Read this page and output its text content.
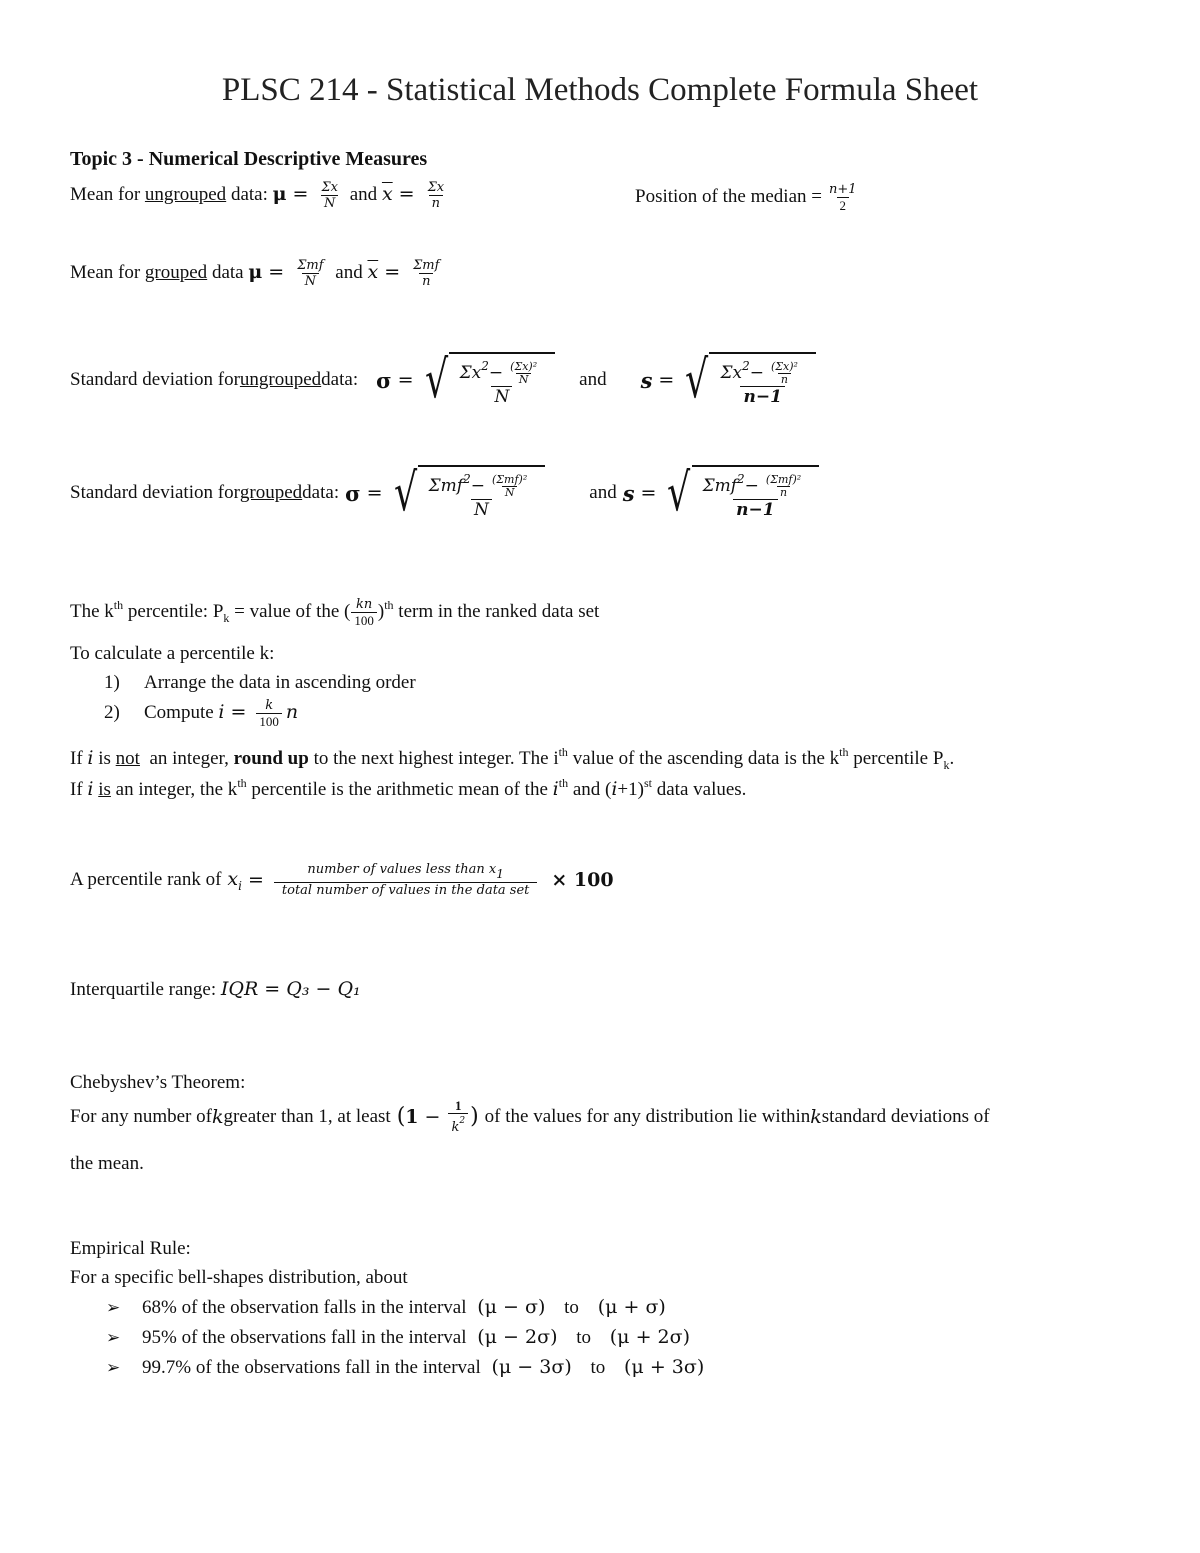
PLSC 214 - Statistical Methods Complete Formula Sheet
Topic 3 - Numerical Descriptive Measures
Mean for ungrouped data: $\mu = \frac{\Sigma x}{N}$ and $\overline{x} = \frac{\Sigma x}{n}$	Position of the median = $\frac{n+1}{2}$
Mean for grouped data $\mu = \frac{\text{Σmf}}{N}$ and $\overline{x} = \frac{\text{Σmf}}{n}$
Standard deviation for ungrouped data: σ = √ $\frac{\Sigma x^2- \frac{\text{(Σx)²}}{N}}{N}$ and s = √ $\frac{\Sigma x^2- \frac{\text{(Σx)²}}{n}}{n-1}$
Standard deviation for grouped data: σ = √ $\frac{\Sigma mf^2- \frac{\text{(Σmf)²}}{N}}{N}$	and s = √ $\frac{\Sigma mf^2- \frac{\text{(Σmf)²}}{n}}{n-1}$
The $k^{th}$ percentile: $P_k$ = value of the ( $\frac{kn}{100} )^{th}$ term in the ranked data set
To calculate a percentile k:
1) Arrange the data in ascending order
2) Compute $i = \frac{k}{100}$ n
If i is not  an integer, round up to the next highest integer. The $i^{th}$ value of the ascending data is the $k^{th}$ percentile $P_k$.
If i is an integer, the $k^{th}$ percentile is the arithmetic mean of the $i^{th}$ and $(i+1)^{st}$ data values.
A percentile rank of $x_i = \frac{\text{number of values less than x1}}{\text{total number of values in the data set}} \times 100$
Interquartile range: IQR = Q₃ − Q₁
Chebyshev’s Theorem:
For any number of k greater than 1, at least ( $1 - \frac{1}{k^2}$ ) of the values for any distribution lie within k standard deviations of
the mean.
Empirical Rule:
For a specific bell-shapes distribution, about
➢ 68% of the observation falls in the interval (μ − σ) to (μ + σ)
➢ 95% of the observations fall in the interval (μ − 2σ) to (μ + 2σ)
➢ 99.7% of the observations fall in the interval (μ − 3σ) to (μ + 3σ)
